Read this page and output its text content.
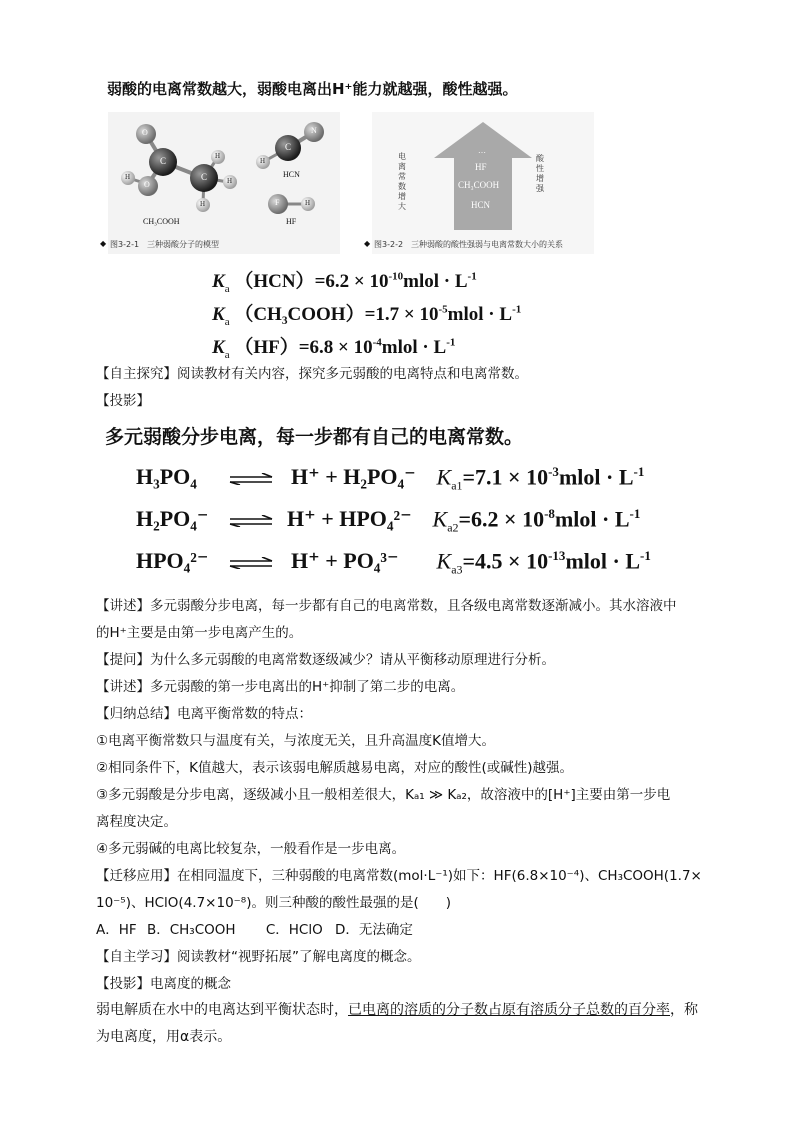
弱酸的电离常数越大，弱酸电离出H⁺能力就越强，酸性越强。
O
C
C
H
O
H	H
H
H
C
N
F	H
CH₃COOH
HCN
HF
图3-2-1　三种弱酸分子的模型
◆
电离常数增大
酸性增强
…
HF
CH₃COOH
HCN
◆ 图3-2-2　三种弱酸的酸性强弱与电离常数大小的关系
$K_a$ $(HCN)=6.2 \times 10^{-10}mlol \cdot L^{-1}$
$K_a$ （CH₃COOH）=1.7 × $10^{-5}mlol \cdot L^{-1}$
$K_a$ $(HF)=6.8 \times 10^{-4}mlol \cdot L^{-1}$
【自主探究】阅读教材有关内容，探究多元弱酸的电离特点和电离常数。
【投影】
多元弱酸分步电离，每一步都有自己的电离常数。
H₃PO₄ ⇌ H⁺ + H₂PO₄⁻ $K_{a1}=7.1$ × $10^{-3}mlol \cdot L^{-1}$
H₂PO₄⁻ ⇌ H⁺ + HPO₄²⁻ $K_{a2}=6.2$ × $10^{-8}mlol \cdot L^{-1}$
HPO₄²⁻ ⇌ H⁺ + PO₄³⁻ $K_{a3}=4.5$ × $10^{-13}mlol \cdot L^{-1}$
【讲述】多元弱酸分步电离，每一步都有自己的电离常数，且各级电离常数逐渐减小。其水溶液中
的H⁺主要是由第一步电离产生的。
【提问】为什么多元弱酸的电离常数逐级减少？请从平衡移动原理进行分析。
【讲述】多元弱酸的第一步电离出的H⁺抑制了第二步的电离。
【归纳总结】电离平衡常数的特点：
①电离平衡常数只与温度有关，与浓度无关，且升高温度K值增大。
②相同条件下，K值越大，表示该弱电解质越易电离，对应的酸性(或碱性)越强。
③多元弱酸是分步电离，逐级减小且一般相差很大，Kₐ₁ ≫ Kₐ₂，故溶液中的[H⁺]主要由第一步电
离程度决定。
④多元弱碱的电离比较复杂，一般看作是一步电离。
【迁移应用】在相同温度下，三种弱酸的电离常数(mol·L⁻¹)如下：HF(6.8×10⁻⁴)、CH₃COOH(1.7×
10⁻⁵)、HClO(4.7×10⁻⁸)。则三种酸的酸性最强的是(　　)
A．HF B．CH₃COOH C．HClO D．无法确定
【自主学习】阅读教材“视野拓展”了解电离度的概念。
【投影】电离度的概念
弱电解质在水中的电离达到平衡状态时，已电离的溶质的分子数占原有溶质分子总数的百分率，称
为电离度，用α表示。
